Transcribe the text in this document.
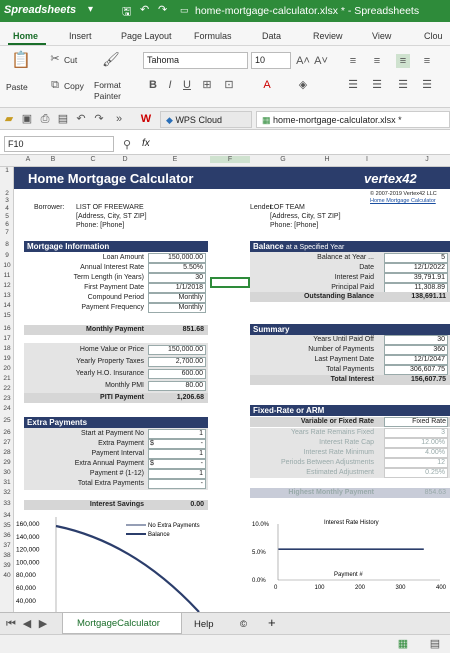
Spreadsheets ▾	🖫 ↶ ↷ ▭ home-mortgage-calculator.xlsx * - Spreadsheets
Home	Insert	Page Layout Formulas	Data	Review	View	Clou
📋
Paste
✂ Cut
⧉ Copy
🖌
Format
Painter
Tahoma	10	A˄ A˅
B	I	U ⊞ ⊡	A	◈
≡	≡	≡	≡
☰ ☰ ☰ ☰
▰ ▣ ⎙ ▤ ↶ ↷	»	W	◆ WPS Cloud	▦ home-mortgage-calculator.xlsx *
F10	⚲ fx
A	B	C	D	E	F	G	H	I	J
1
2
3
4
5
6
7
8
9
10
11
12
13
14
15
16
17
18
19
20
21
22
23
24
25
26
27
28
29
30
31
32
33
34
35
36
37
38
39
40
Home Mortgage Calculator	vertex42
© 2007-2019 Vertex42 LLC
Home Mortgage Calculator
Borrower: LIST OF FREEWARE
[Address, City, ST ZIP]
Phone: [Phone]
Lender:
LOF TEAM
[Address, City, ST ZIP]
Phone: [Phone]
Mortgage Information
Loan Amount	150,000.00
Annual Interest Rate	5.50%
Term Length (in Years)	30
First Payment Date	1/1/2018
Compound Period	Monthly
Payment Frequency	Monthly
Monthly Payment	851.68
Home Value or Price	150,000.00
Yearly Property Taxes	2,700.00
Yearly H.O. Insurance	600.00
Monthly PMI	80.00
PITI Payment	1,206.68
Extra Payments
Start at Payment No	1
Extra Payment $	-
Payment Interval	1
Extra Annual Payment $	-
Payment # (1-12)	1
Total Extra Payments	-
Interest Savings	0.00
Balance at a Specified Year
Balance at Year ...	5
Date	12/1/2022
Interest Paid	39,791.91
Principal Paid	11,308.89
Outstanding Balance	138,691.11
Summary
Years Until Paid Off	30
Number of Payments	360
Last Payment Date	12/1/2047
Total Payments	306,607.75
Total Interest	156,607.75
Fixed-Rate or ARM
Variable or Fixed Rate	Fixed Rate
Years Rate Remains Fixed	3
Interest Rate Cap	12.00%
Interest Rate Minimum	4.00%
Periods Between Adjustments	12
Estimated Adjustment	0.25%
Highest Monthly Payment	854.63
160,000
140,000
120,000
100,000
80,000
60,000
40,000
No Extra Payments
Balance
Interest Rate History
10.0%
5.0%
0.0%
0	100	200	300	400
Payment #
⏮ ◀ ▶	MortgageCalculator	Help	© +
▦ ▤
